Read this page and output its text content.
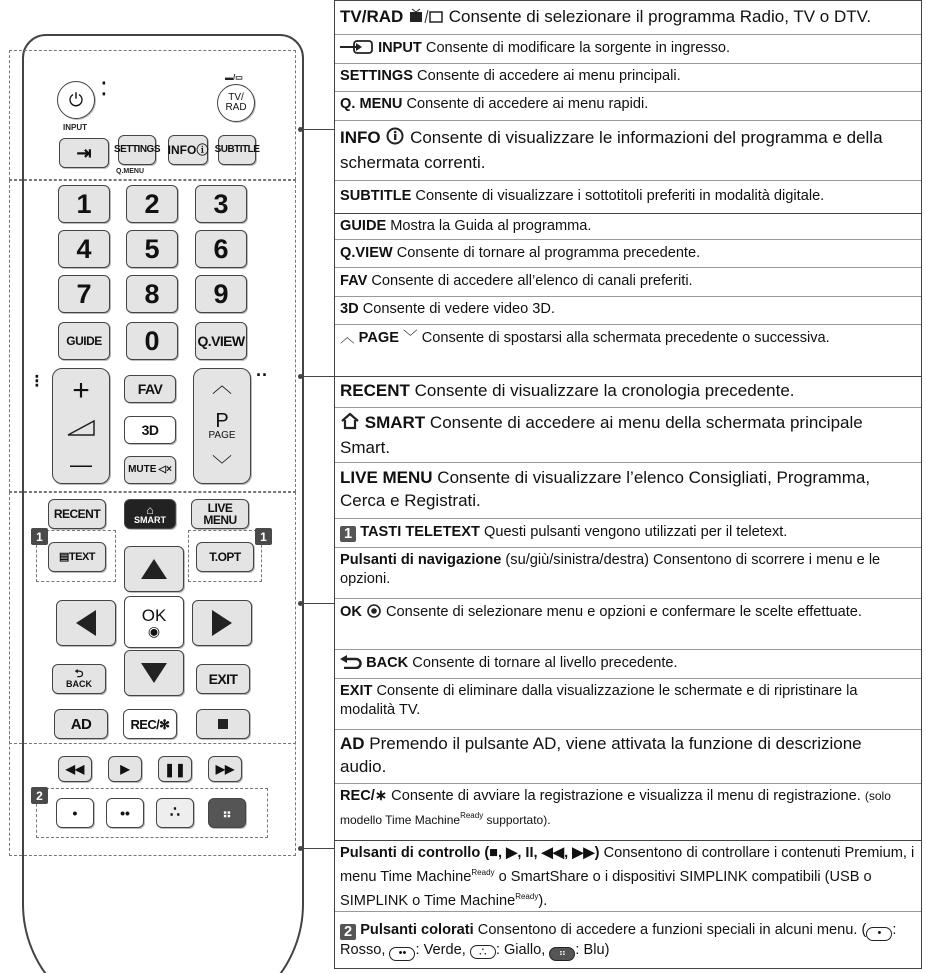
⏻
⁚
▬/▭
TV/
RAD
INPUT
⇥ SETTINGS
Q.MENU
INFO ⓘ SUBTITLE
1	2	3
4	5	6
7	8	9
GUIDE	0	Q.VIEW
⁝ +
—
FAV
3D
MUTE ◁×
··
︿
P
PAGE
﹀
RECENT	⌂
SMART
LIVE MENU
1
▤ TEXT
1
T.OPT
OK
◉
⮌
BACK	EXIT
AD	REC/✻
◀◀	▶	❚❚ ▶▶
2
•	••	∴	⠶
TV/RAD	Consente di selezionare il programma Radio, TV o DTV.
INPUT Consente di modificare la sorgente in ingresso.
SETTINGS Consente di accedere ai menu principali.
Q. MENU Consente di accedere ai menu rapidi.
INFO  Consente di visualizzare le informazioni del programma e della schermata correnti.
SUBTITLE Consente di visualizzare i sottotitoli preferiti in modalità digitale.
GUIDE Mostra la Guida al programma.
Q.VIEW Consente di tornare al programma precedente.
FAV Consente di accedere all’elenco di canali preferiti.
3D Consente di vedere video 3D.
︿ PAGE ﹀ Consente di spostarsi alla schermata precedente o successiva.
RECENT Consente di visualizzare la cronologia precedente.
SMART Consente di accedere ai menu della schermata principale Smart.
LIVE MENU Consente di visualizzare l’elenco Consigliati, Programma, Cerca e Registrati.
1 TASTI TELETEXT Questi pulsanti vengono utilizzati per il teletext.
Pulsanti di navigazione (su/giù/sinistra/destra) Consentono di scorrere i menu e le opzioni.
OK  Consente di selezionare menu e opzioni e confermare le scelte effettuate.
BACK Consente di tornare al livello precedente.
EXIT Consente di eliminare dalla visualizzazione le schermate e di ripristinare la modalità TV.
AD Premendo il pulsante AD, viene attivata la funzione di descrizione audio.
REC/∗ Consente di avviare la registrazione e visualizza il menu di registrazione. (solo modello Time Machine$^{Ready}$ supportato).
Pulsanti di controllo (■, ▶, II, ◀◀, ▶▶) Consentono di controllare i contenuti Premium, i menu Time Machine$^{Ready}$ o SmartShare o i dispositivi SIMPLINK compatibili (USB o SIMPLINK o Time Machine$^{Ready}$).
2 Pulsanti colorati Consentono di accedere a funzioni speciali in alcuni menu. ( • : Rosso, •• : Verde, ∴ : Giallo, ⠶ : Blu)
